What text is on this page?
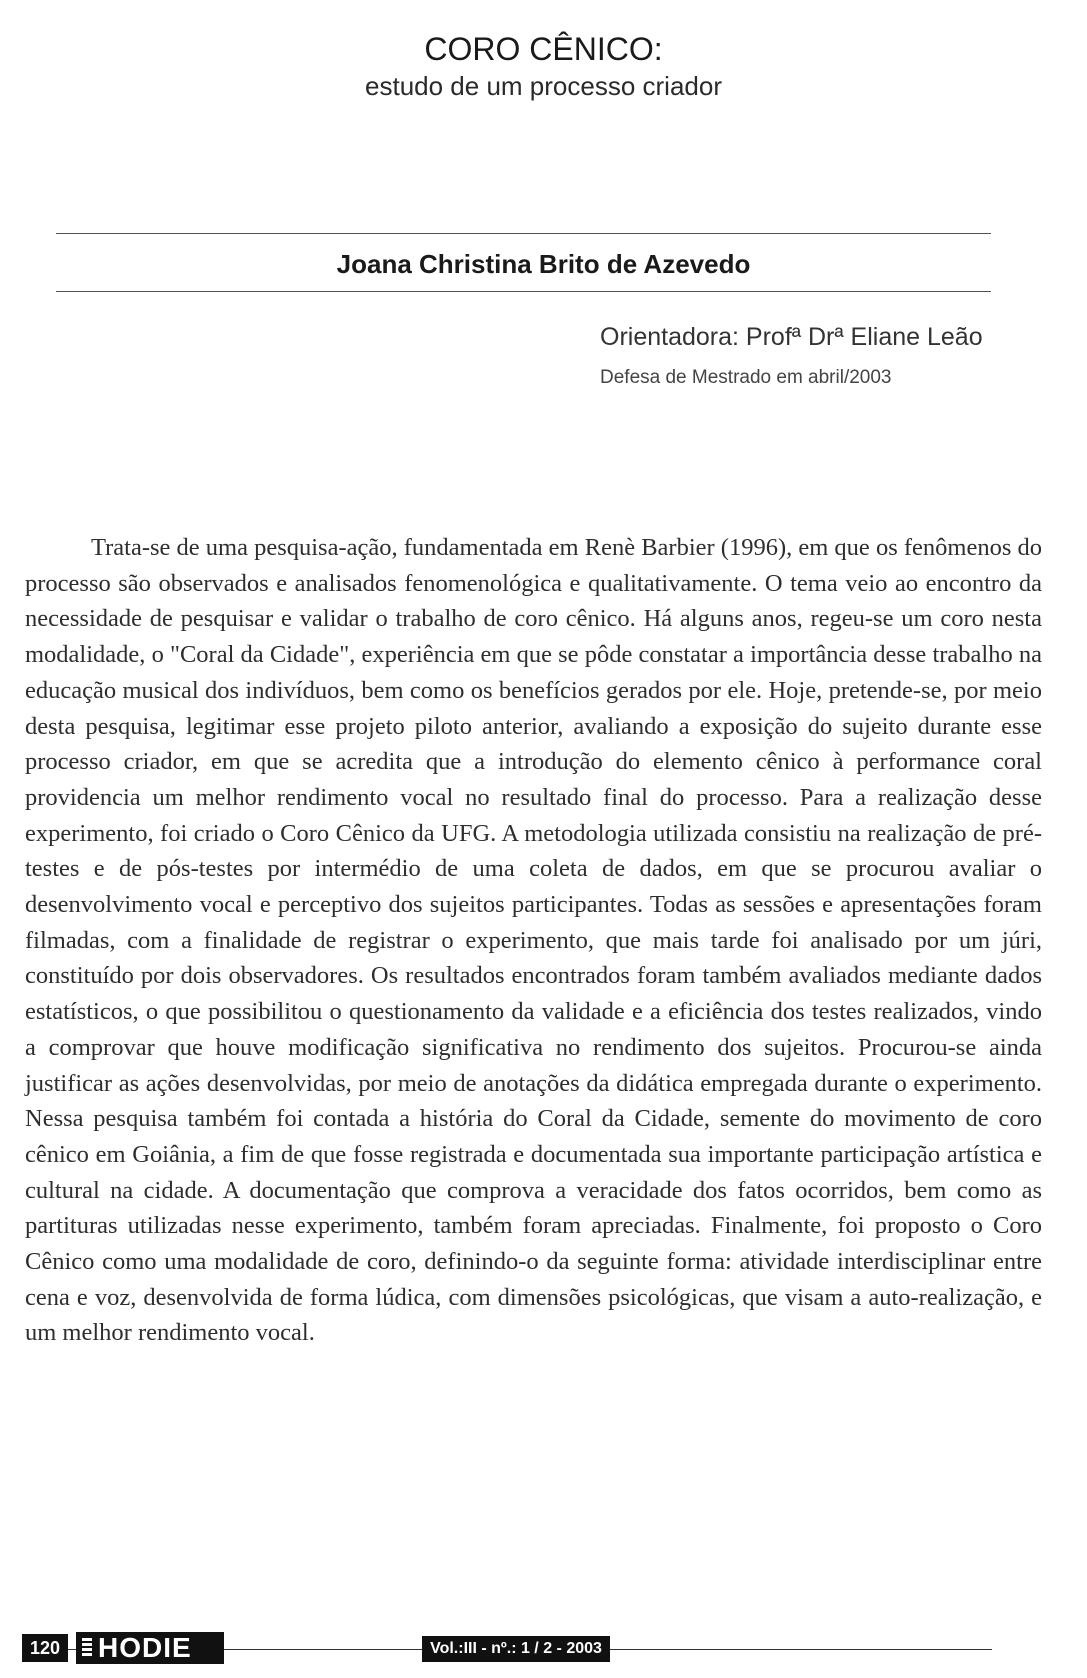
CORO CÊNICO:
estudo de um processo criador
Joana Christina Brito de Azevedo
Orientadora: Profª Drª Eliane Leão
Defesa de Mestrado em abril/2003

Trata-se de uma pesquisa-ação, fundamentada em Renè Barbier (1996), em que os fenômenos do processo são observados e analisados fenomenológica e qualitativamente. O tema veio ao encontro da necessidade de pesquisar e validar o trabalho de coro cênico. Há alguns anos, regeu-se um coro nesta modalidade, o "Coral da Cidade", experiência em que se pôde constatar a importância desse trabalho na educação musical dos indivíduos, bem como os benefícios gerados por ele. Hoje, pretende-se, por meio desta pesquisa, legitimar esse projeto piloto anterior, avaliando a exposição do sujeito durante esse processo criador, em que se acredita que a introdução do elemento cênico à performance coral providencia um melhor rendimento vocal no resultado final do processo. Para a realização desse experimento, foi criado o Coro Cênico da UFG. A metodologia utilizada consistiu na realização de pré-testes e de pós-testes por intermédio de uma coleta de dados, em que se procurou avaliar o desenvolvimento vocal e perceptivo dos sujeitos participantes. Todas as sessões e apresentações foram filmadas, com a finalidade de registrar o experimento, que mais tarde foi analisado por um júri, constituído por dois observadores. Os resultados encontrados foram também avaliados mediante dados estatísticos, o que possibilitou o questionamento da validade e a eficiência dos testes realizados, vindo a comprovar que houve modificação significativa no rendimento dos sujeitos. Procurou-se ainda justificar as ações desenvolvidas, por meio de anotações da didática empregada durante o experimento. Nessa pesquisa também foi contada a história do Coral da Cidade, semente do movimento de coro cênico em Goiânia, a fim de que fosse registrada e documentada sua importante participação artística e cultural na cidade. A documentação que comprova a veracidade dos fatos ocorridos, bem como as partituras utilizadas nesse experimento, também foram apreciadas. Finalmente, foi proposto o Coro Cênico como uma modalidade de coro, definindo-o da seguinte forma: atividade interdisciplinar entre cena e voz, desenvolvida de forma lúdica, com dimensões psicológicas, que visam a auto-realização, e um melhor rendimento vocal.

120	HODIE	Vol.:III - nº.: 1 / 2 - 2003
